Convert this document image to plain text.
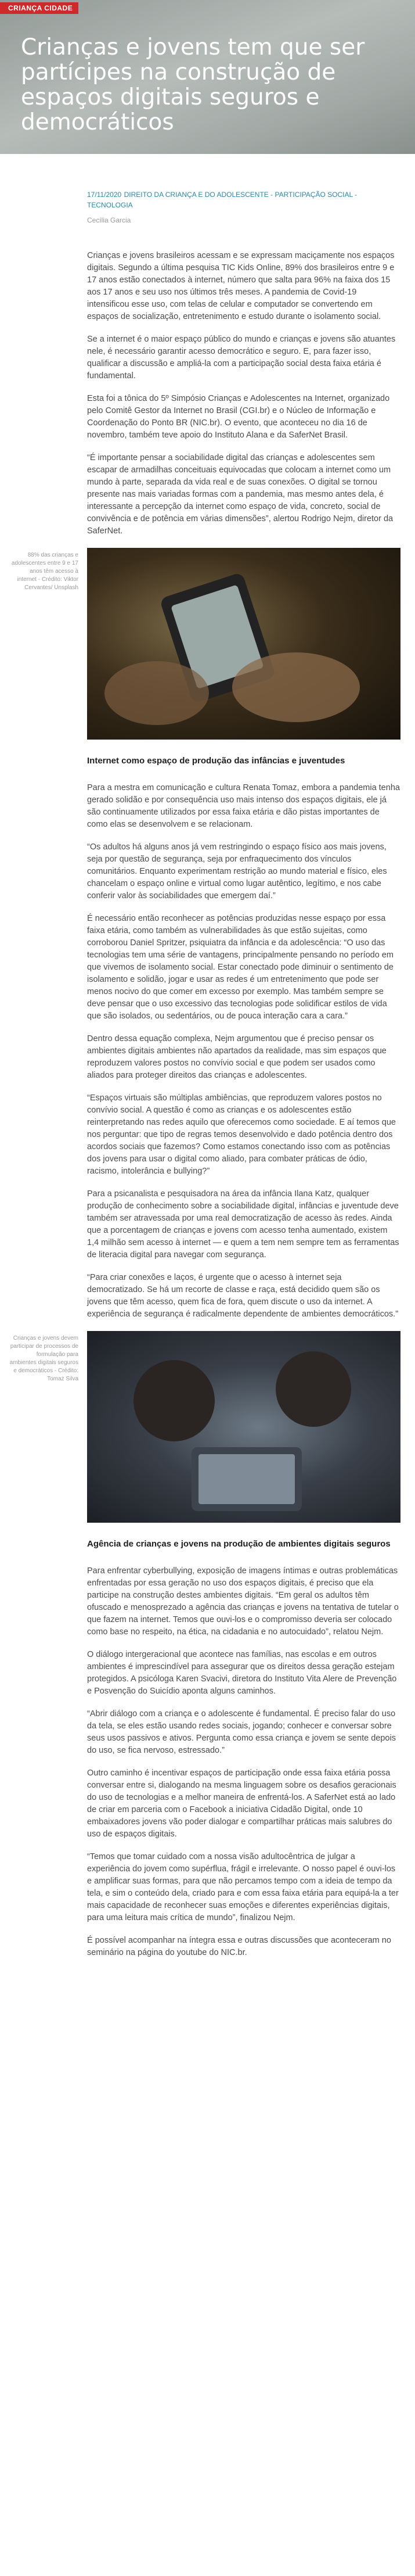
CRIANÇA CIDADE
Crianças e jovens tem que ser partícipes na construção de espaços digitais seguros e democráticos
17/11/2020 DIREITO DA CRIANÇA E DO ADOLESCENTE - PARTICIPAÇÃO SOCIAL - TECNOLOGIA
Cecília Garcia

Crianças e jovens brasileiros acessam e se expressam maciçamente nos espaços digitais. Segundo a última pesquisa TIC Kids Online, 89% dos brasileiros entre 9 e 17 anos estão conectados à internet, número que salta para 96% na faixa dos 15 aos 17 anos e seu uso nos últimos três meses. A pandemia de Covid-19 intensificou esse uso, com telas de celular e computador se convertendo em espaços de socialização, entretenimento e estudo durante o isolamento social.

Se a internet é o maior espaço público do mundo e crianças e jovens são atuantes nele, é necessário garantir acesso democrático e seguro. E, para fazer isso, qualificar a discussão e ampliá-la com a participação social desta faixa etária é fundamental.

Esta foi a tônica do 5º Simpósio Crianças e Adolescentes na Internet, organizado pelo Comitê Gestor da Internet no Brasil (CGI.br) e o Núcleo de Informação e Coordenação do Ponto BR (NIC.br). O evento, que aconteceu no dia 16 de novembro, também teve apoio do Instituto Alana e da SaferNet Brasil.

“É importante pensar a sociabilidade digital das crianças e adolescentes sem escapar de armadilhas conceituais equivocadas que colocam a internet como um mundo à parte, separada da vida real e de suas conexões. O digital se tornou presente nas mais variadas formas com a pandemia, mas mesmo antes dela, é interessante a percepção da internet como espaço de vida, concreto, social de convivência e de potência em várias dimensões”, alertou Rodrigo Nejm, diretor da SaferNet.

88% das crianças e adolescentes entre 9 e 17 anos têm acesso à internet - Crédito: Viktor Cervantes/ Unsplash
Internet como espaço de produção das infâncias e juventudes

Para a mestra em comunicação e cultura Renata Tomaz, embora a pandemia tenha gerado solidão e por consequência uso mais intenso dos espaços digitais, ele já são continuamente utilizados por essa faixa etária e dão pistas importantes de como elas se desenvolvem e se relacionam.

“Os adultos há alguns anos já vem restringindo o espaço físico aos mais jovens, seja por questão de segurança, seja por enfraquecimento dos vínculos comunitários. Enquanto experimentam restrição ao mundo material e físico, eles chancelam o espaço online e virtual como lugar autêntico, legítimo, e nos cabe conferir valor às sociabilidades que emergem daí.”

É necessário então reconhecer as potências produzidas nesse espaço por essa faixa etária, como também as vulnerabilidades às que estão sujeitas, como corroborou Daniel Spritzer, psiquiatra da infância e da adolescência: “O uso das tecnologias tem uma série de vantagens, principalmente pensando no período em que vivemos de isolamento social. Estar conectado pode diminuir o sentimento de isolamento e solidão, jogar e usar as redes é um entretenimento que pode ser menos nocivo do que comer em excesso por exemplo. Mas também sempre se deve pensar que o uso excessivo das tecnologias pode solidificar estilos de vida que são isolados, ou sedentários, ou de pouca interação cara a cara.”

Dentro dessa equação complexa, Nejm argumentou que é preciso pensar os ambientes digitais ambientes não apartados da realidade, mas sim espaços que reproduzem valores postos no convívio social e que podem ser usados como aliados para proteger direitos das crianças e adolescentes.

“Espaços virtuais são múltiplas ambiências, que reproduzem valores postos no convívio social. A questão é como as crianças e os adolescentes estão reinterpretando nas redes aquilo que oferecemos como sociedade. E aí temos que nos perguntar: que tipo de regras temos desenvolvido e dado potência dentro dos acordos sociais que fazemos? Como estamos conectando isso com as potências dos jovens para usar o digital como aliado, para combater práticas de ódio, racismo, intolerância e bullying?”

Para a psicanalista e pesquisadora na área da infância Ilana Katz, qualquer produção de conhecimento sobre a sociabilidade digital, infâncias e juventude deve também ser atravessada por uma real democratização de acesso às redes. Ainda que a porcentagem de crianças e jovens com acesso tenha aumentado, existem 1,4 milhão sem acesso à internet — e quem a tem nem sempre tem as ferramentas de literacia digital para navegar com segurança.

“Para criar conexões e laços, é urgente que o acesso à internet seja democratizado. Se há um recorte de classe e raça, está decidido quem são os jovens que têm acesso, quem fica de fora, quem discute o uso da internet. A experiência de segurança é radicalmente dependente de ambientes democráticos.”

Crianças e jovens devem participar de processos de formulação para ambientes digitais seguros e democráticos - Crédito: Tomaz Silva
Agência de crianças e jovens na produção de ambientes digitais seguros

Para enfrentar cyberbullying, exposição de imagens íntimas e outras problemáticas enfrentadas por essa geração no uso dos espaços digitais, é preciso que ela participe na construção destes ambientes digitais. “Em geral os adultos têm ofuscado e menosprezado a agência das crianças e jovens na tentativa de tutelar o que fazem na internet. Temos que ouvi-los e o compromisso deveria ser colocado como base no respeito, na ética, na cidadania e no autocuidado”, relatou Nejm.

O diálogo intergeracional que acontece nas famílias, nas escolas e em outros ambientes é imprescindível para assegurar que os direitos dessa geração estejam protegidos. A psicóloga Karen Svacivi, diretora do Instituto Vita Alere de Prevenção e Posvenção do Suicídio aponta alguns caminhos.

“Abrir diálogo com a criança e o adolescente é fundamental. É preciso falar do uso da tela, se eles estão usando redes sociais, jogando; conhecer e conversar sobre seus usos passivos e ativos. Pergunta como essa criança e jovem se sente depois do uso, se fica nervoso, estressado.”

Outro caminho é incentivar espaços de participação onde essa faixa etária possa conversar entre si, dialogando na mesma linguagem sobre os desafios geracionais do uso de tecnologias e a melhor maneira de enfrentá-los. A SaferNet está ao lado de criar em parceria com o Facebook a iniciativa Cidadão Digital, onde 10 embaixadores jovens vão poder dialogar e compartilhar práticas mais salubres do uso de espaços digitais.

“Temos que tomar cuidado com a nossa visão adultocêntrica de julgar a experiência do jovem como supérflua, frágil e irrelevante. O nosso papel é ouvi-los e amplificar suas formas, para que não percamos tempo com a ideia de tempo da tela, e sim o conteúdo dela, criado para e com essa faixa etária para equipá-la a ter mais capacidade de reconhecer suas emoções e diferentes experiências digitais, para uma leitura mais crítica de mundo”, finalizou Nejm.

É possível acompanhar na íntegra essa e outras discussões que aconteceram no seminário na página do youtube do NIC.br.
